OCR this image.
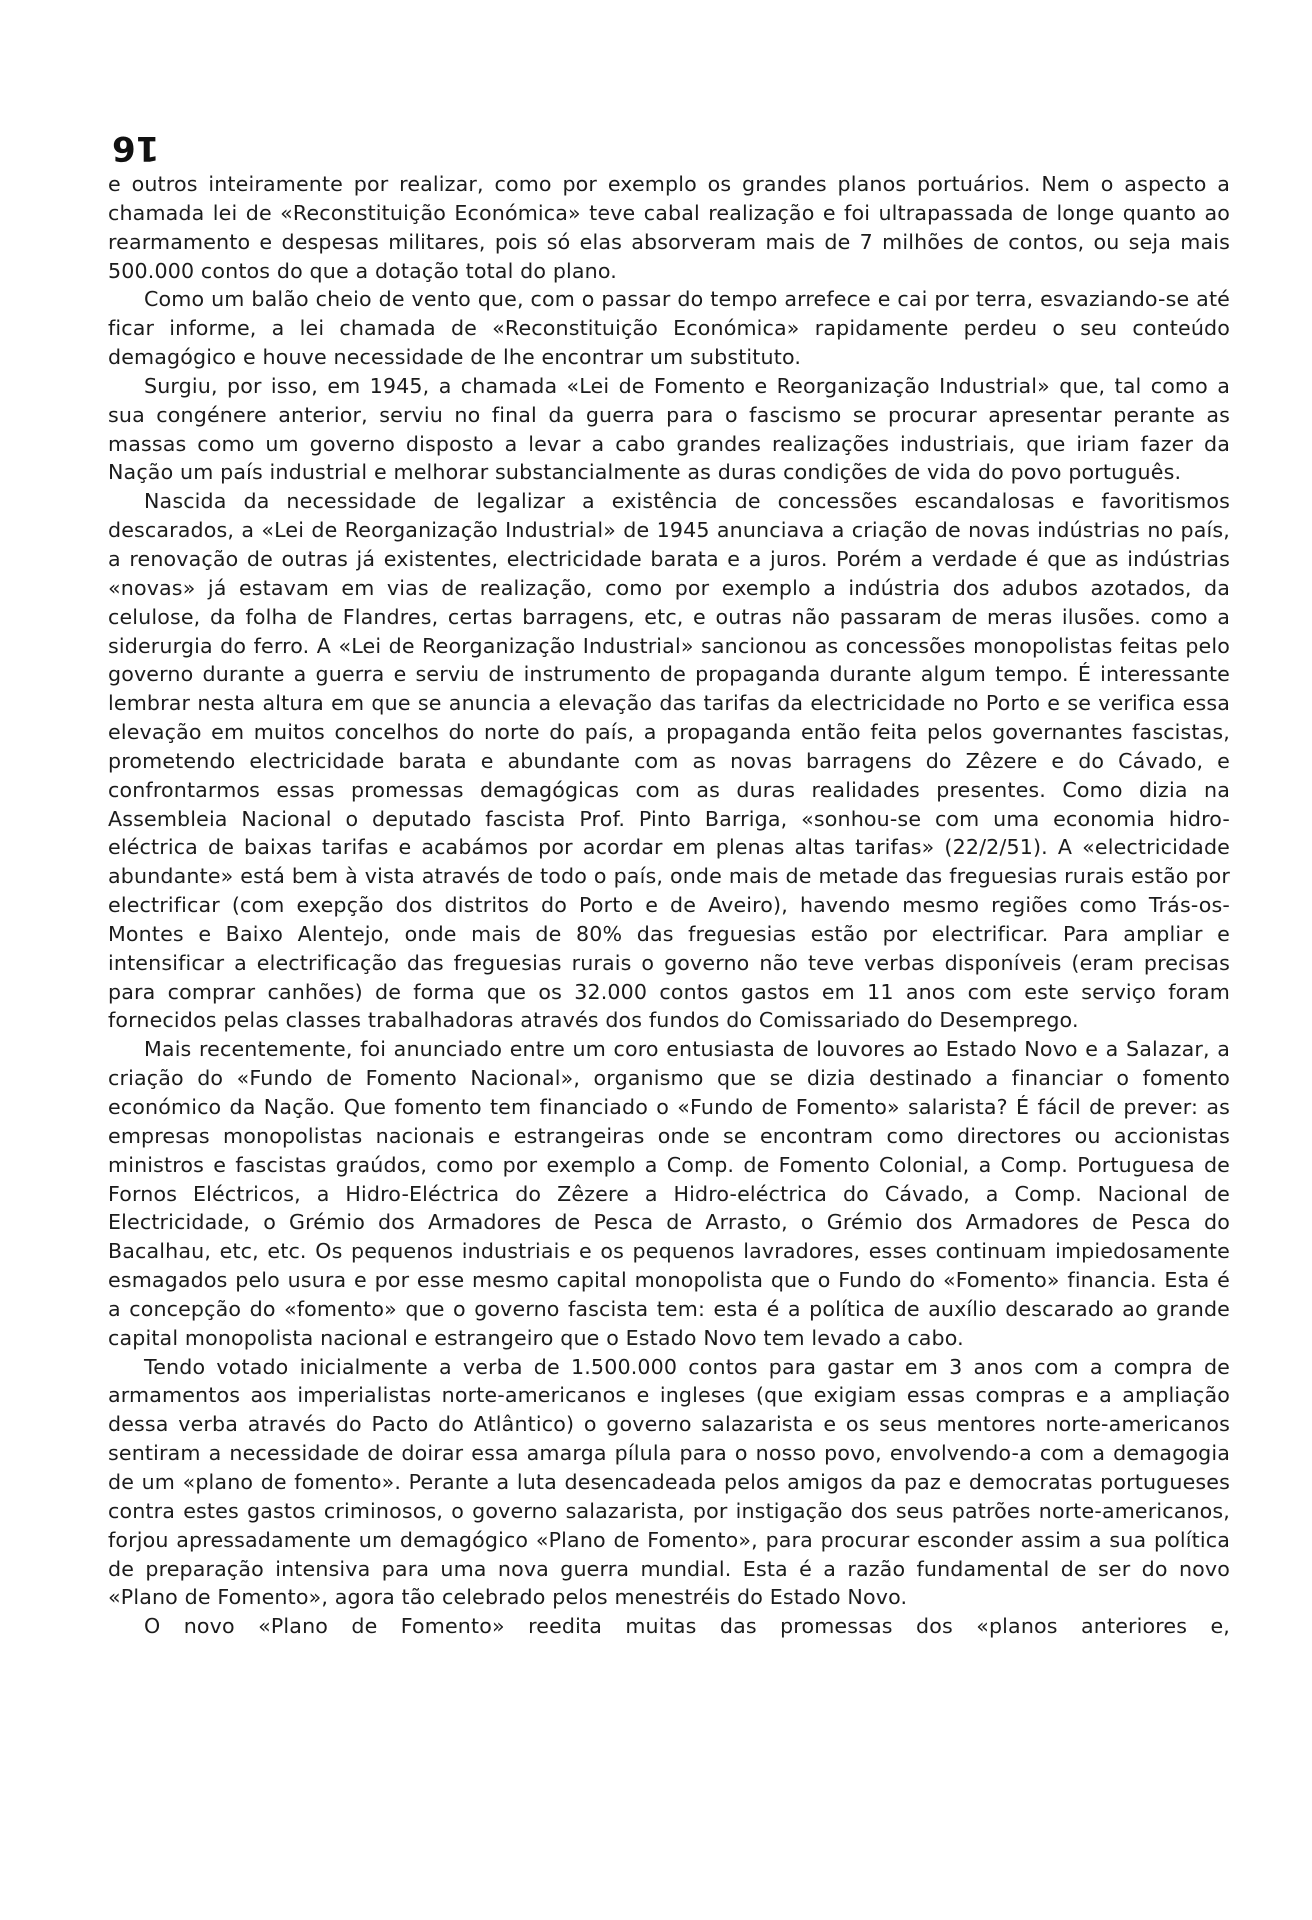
16

e outros inteiramente por realizar, como por exemplo os grandes planos portuários. Nem o aspecto a chamada lei de «Reconstituição Económica» teve cabal realização e foi ultrapassada de longe quanto ao rearmamento e despesas militares, pois só elas absorveram mais de 7 milhões de contos, ou seja mais 500.000 contos do que a dotação total do plano.

Como um balão cheio de vento que, com o passar do tempo arrefece e cai por terra, esvaziando-se até ficar informe, a lei chamada de «Reconstituição Económica» rapidamente perdeu o seu conteúdo demagógico e houve necessidade de lhe encontrar um substituto.

Surgiu, por isso, em 1945, a chamada «Lei de Fomento e Reorganização Industrial» que, tal como a sua congénere anterior, serviu no final da guerra para o fascismo se procurar apresentar perante as massas como um governo disposto a levar a cabo grandes realizações industriais, que iriam fazer da Nação um país industrial e melhorar substancialmente as duras condições de vida do povo português.

Nascida da necessidade de legalizar a existência de concessões escandalosas e favoritismos descarados, a «Lei de Reorganização Industrial» de 1945 anunciava a criação de novas indústrias no país, a renovação de outras já existentes, electricidade barata e a juros. Porém a verdade é que as indústrias «novas» já estavam em vias de realização, como por exemplo a indústria dos adubos azotados, da celulose, da folha de Flandres, certas barragens, etc, e outras não passaram de meras ilusões. como a siderurgia do ferro. A «Lei de Reorganização Industrial» sancionou as concessões monopolistas feitas pelo governo durante a guerra e serviu de instrumento de propaganda durante algum tempo. É interessante lembrar nesta altura em que se anuncia a elevação das tarifas da electricidade no Porto e se verifica essa elevação em muitos concelhos do norte do país, a propaganda então feita pelos governantes fascistas, prometendo electricidade barata e abundante com as novas barragens do Zêzere e do Cávado, e confrontarmos essas promessas demagógicas com as duras realidades presentes. Como dizia na Assembleia Nacional o deputado fascista Prof. Pinto Barriga, «sonhou-se com uma economia hidro-eléctrica de baixas tarifas e acabámos por acordar em plenas altas tarifas» (22/2/51). A «electricidade abundante» está bem à vista através de todo o país, onde mais de metade das freguesias rurais estão por electrificar (com exepção dos distritos do Porto e de Aveiro), havendo mesmo regiões como Trás-os-Montes e Baixo Alentejo, onde mais de 80% das freguesias estão por electrificar. Para ampliar e intensificar a electrificação das freguesias rurais o governo não teve verbas disponíveis (eram precisas para comprar canhões) de forma que os 32.000 contos gastos em 11 anos com este serviço foram fornecidos pelas classes trabalhadoras através dos fundos do Comissariado do Desemprego.

Mais recentemente, foi anunciado entre um coro entusiasta de louvores ao Estado Novo e a Salazar, a criação do «Fundo de Fomento Nacional», organismo que se dizia destinado a financiar o fomento económico da Nação. Que fomento tem financiado o «Fundo de Fomento» salarista? É fácil de prever: as empresas monopolistas nacionais e estrangeiras onde se encontram como directores ou accionistas ministros e fascistas graúdos, como por exemplo a Comp. de Fomento Colonial, a Comp. Portuguesa de Fornos Eléctricos, a Hidro-Eléctrica do Zêzere a Hidro-eléctrica do Cávado, a Comp. Nacional de Electricidade, o Grémio dos Armadores de Pesca de Arrasto, o Grémio dos Armadores de Pesca do Bacalhau, etc, etc. Os pequenos industriais e os pequenos lavradores, esses continuam impiedosamente esmagados pelo usura e por esse mesmo capital monopolista que o Fundo do «Fomento» financia. Esta é a concepção do «fomento» que o governo fascista tem: esta é a política de auxílio descarado ao grande capital monopolista nacional e estrangeiro que o Estado Novo tem levado a cabo.

Tendo votado inicialmente a verba de 1.500.000 contos para gastar em 3 anos com a compra de armamentos aos imperialistas norte-americanos e ingleses (que exigiam essas compras e a ampliação dessa verba através do Pacto do Atlântico) o governo salazarista e os seus mentores norte-americanos sentiram a necessidade de doirar essa amarga pílula para o nosso povo, envolvendo-a com a demagogia de um «plano de fomento». Perante a luta desencadeada pelos amigos da paz e democratas portugueses contra estes gastos criminosos, o governo salazarista, por instigação dos seus patrões norte-americanos, forjou apressadamente um demagógico «Plano de Fomento», para procurar esconder assim a sua política de preparação intensiva para uma nova guerra mundial. Esta é a razão fundamental de ser do novo «Plano de Fomento», agora tão celebrado pelos menestréis do Estado Novo.

O novo «Plano de Fomento» reedita muitas das promessas dos «planos anteriores e,
